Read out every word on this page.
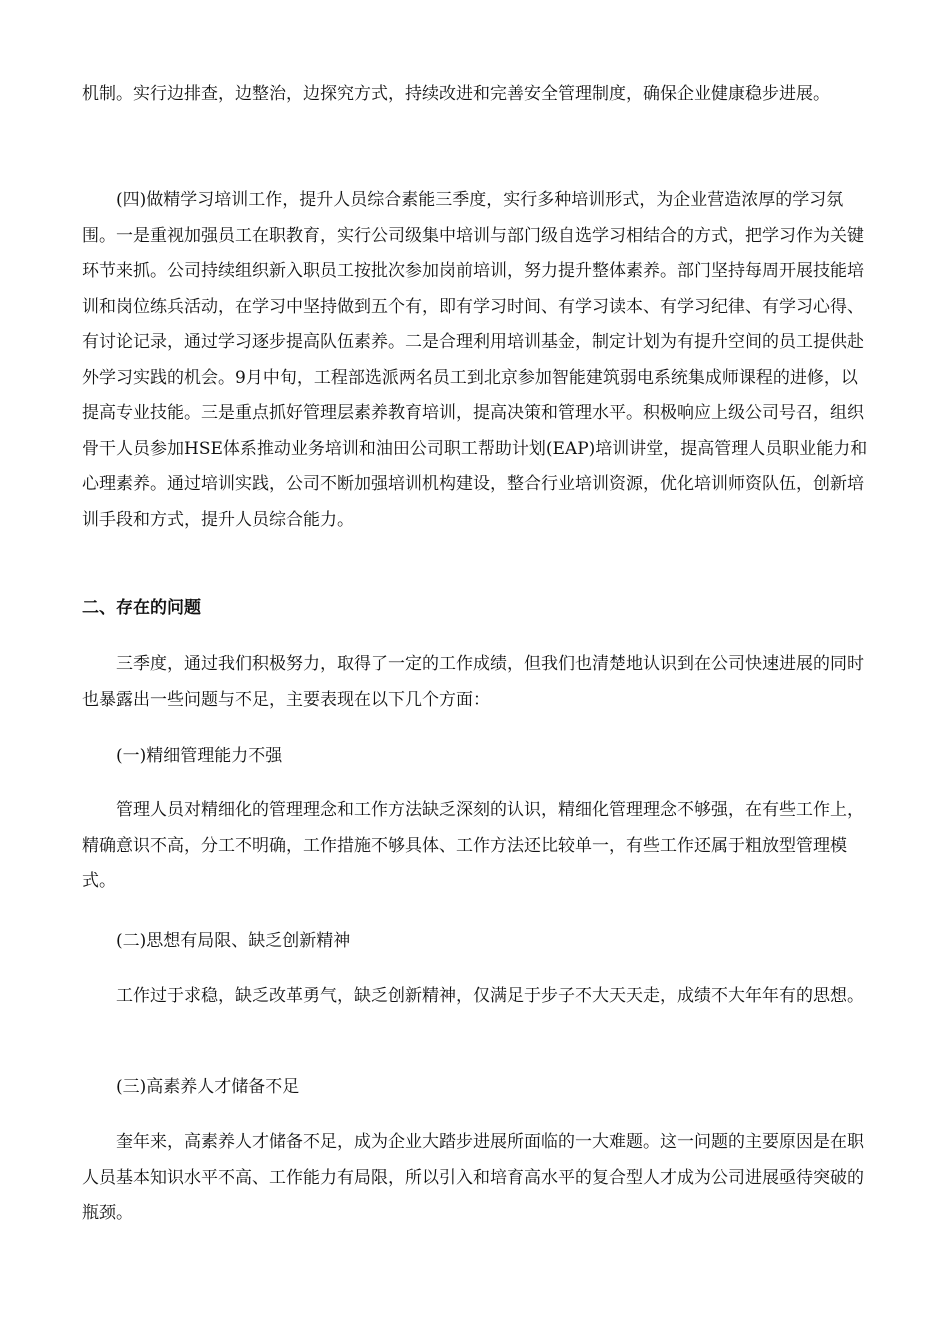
机制。实行边排查，边整治，边探究方式，持续改进和完善安全管理制度，确保企业健康稳步进展。

(四)做精学习培训工作，提升人员综合素能三季度，实行多种培训形式，为企业营造浓厚的学习氛围。一是重视加强员工在职教育，实行公司级集中培训与部门级自选学习相结合的方式，把学习作为关键环节来抓。公司持续组织新入职员工按批次参加岗前培训，努力提升整体素养。部门坚持每周开展技能培训和岗位练兵活动，在学习中坚持做到五个有，即有学习时间、有学习读本、有学习纪律、有学习心得、有讨论记录，通过学习逐步提高队伍素养。二是合理利用培训基金，制定计划为有提升空间的员工提供赴外学习实践的机会。9月中旬，工程部选派两名员工到北京参加智能建筑弱电系统集成师课程的进修，以提高专业技能。三是重点抓好管理层素养教育培训，提高决策和管理水平。积极响应上级公司号召，组织骨干人员参加HSE体系推动业务培训和油田公司职工帮助计划(EAP)培训讲堂，提高管理人员职业能力和心理素养。通过培训实践，公司不断加强培训机构建设，整合行业培训资源，优化培训师资队伍，创新培训手段和方式，提升人员综合能力。

二、存在的问题

三季度，通过我们积极努力，取得了一定的工作成绩，但我们也清楚地认识到在公司快速进展的同时也暴露出一些问题与不足，主要表现在以下几个方面：

(一)精细管理能力不强

管理人员对精细化的管理理念和工作方法缺乏深刻的认识，精细化管理理念不够强，在有些工作上，精确意识不高，分工不明确，工作措施不够具体、工作方法还比较单一，有些工作还属于粗放型管理模式。

(二)思想有局限、缺乏创新精神

工作过于求稳，缺乏改革勇气，缺乏创新精神，仅满足于步子不大天天走，成绩不大年年有的思想。

(三)高素养人才储备不足

奎年来，高素养人才储备不足，成为企业大踏步进展所面临的一大难题。这一问题的主要原因是在职人员基本知识水平不高、工作能力有局限，所以引入和培育高水平的复合型人才成为公司进展亟待突破的瓶颈。
